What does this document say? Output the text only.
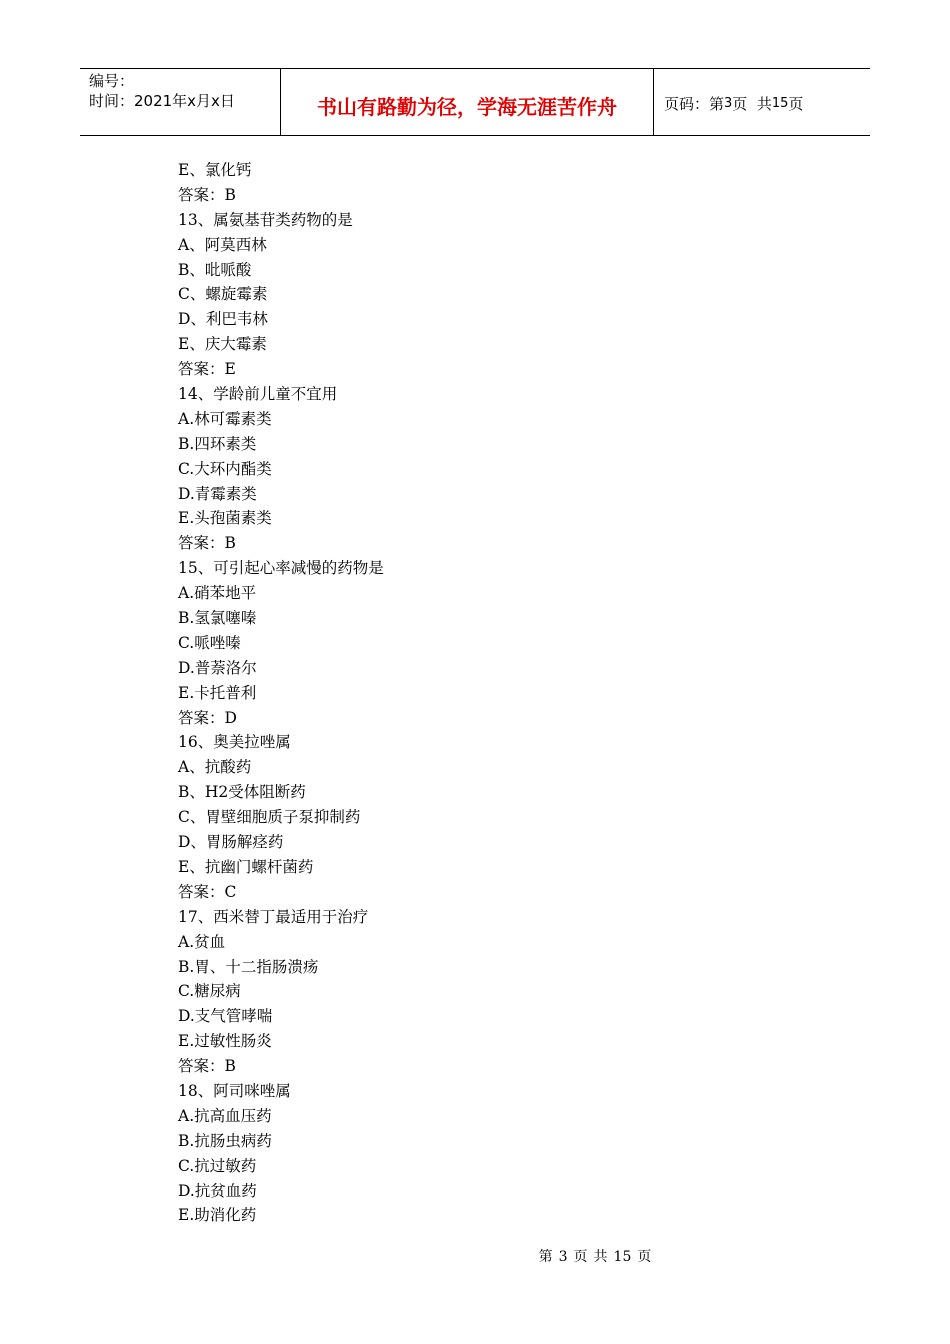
编号：
时间：2021年x月x日	书山有路勤为径，学海无涯苦作舟	页码：第 3 页  共 15 页
E、氯化钙
答案：B
13、属氨基苷类药物的是
A、阿莫西林
B、吡哌酸
C、螺旋霉素
D、利巴韦林
E、庆大霉素
答案：E
14、学龄前儿童不宜用
A.林可霉素类
B.四环素类
C.大环内酯类
D.青霉素类
E.头孢菌素类
答案：B
15、可引起心率减慢的药物是
A.硝苯地平
B.氢氯噻嗪
C.哌唑嗪
D.普萘洛尔
E.卡托普利
答案：D
16、奥美拉唑属
A、抗酸药
B、H2受体阻断药
C、胃壁细胞质子泵抑制药
D、胃肠解痉药
E、抗幽门螺杆菌药
答案：C
17、西米替丁最适用于治疗
A.贫血
B.胃、十二指肠溃疡
C.糖尿病
D.支气管哮喘
E.过敏性肠炎
答案：B
18、阿司咪唑属
A.抗高血压药
B.抗肠虫病药
C.抗过敏药
D.抗贫血药
E.助消化药
第 3 页 共 15 页
